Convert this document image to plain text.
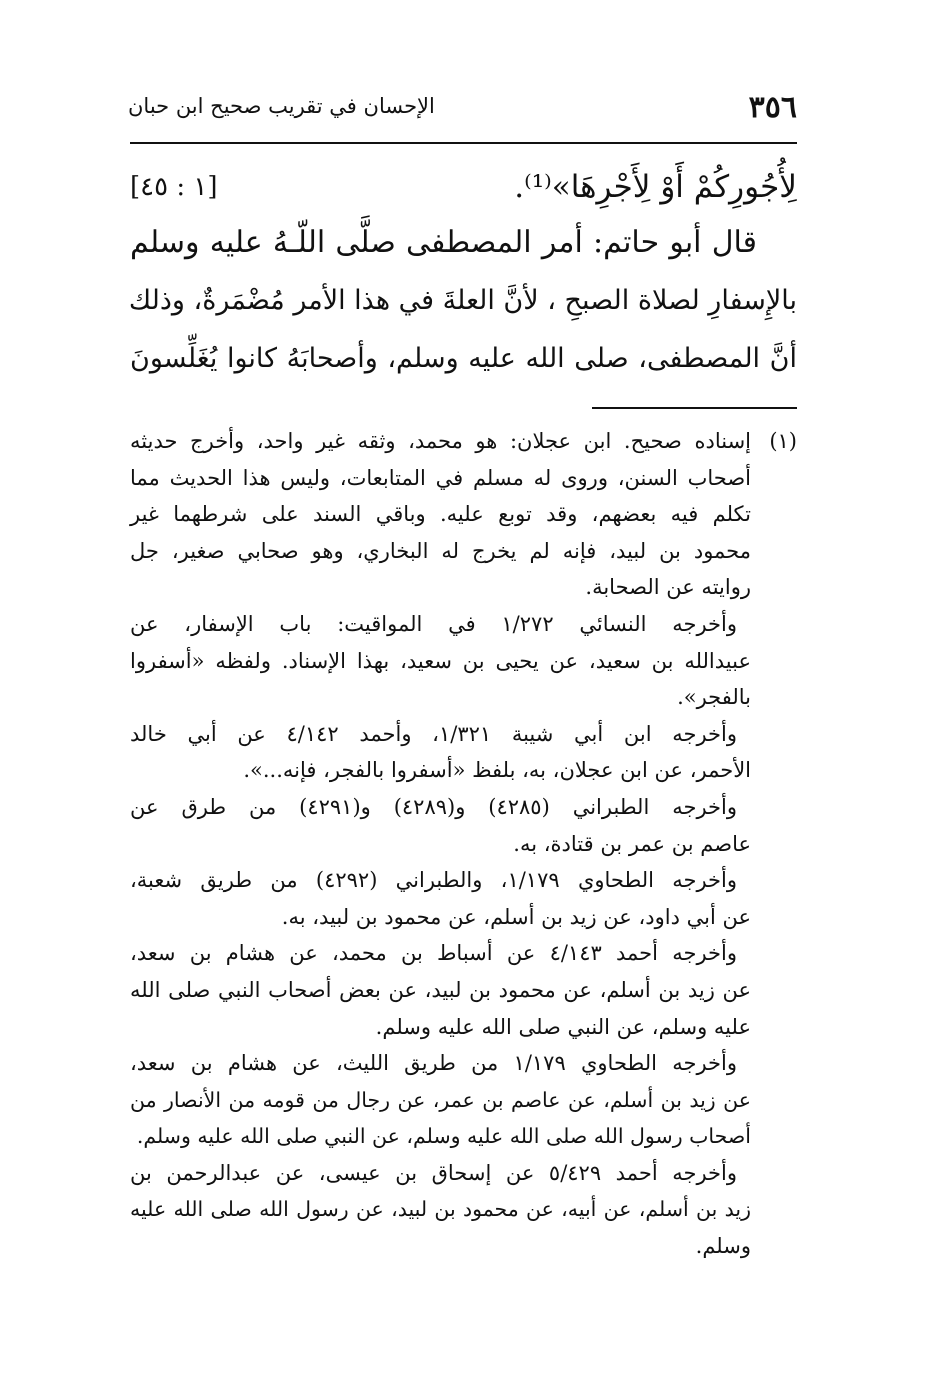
٣٥٦
الإحسان في تقريب صحيح ابن حبان
لِأُجُورِكُمْ أَوْ لِأَجْرِهَا»⁽¹⁾.
[١ : ٤٥]
قال أبو حاتم: أمر المصطفى صلَّى اللّـهُ عليه وسلم
بالإِسفارِ لصلاة الصبحِ ، لأنَّ العلةَ في هذا الأمر مُضْمَرةٌ، وذلك
أنَّ المصطفى، صلى الله عليه وسلم، وأصحابَهُ كانوا يُغَلِّسونَ
(١)
إسناده صحيح. ابن عجلان: هو محمد، وثقه غير واحد، وأخرج حديثه
أصحاب السنن، وروى له مسلم في المتابعات، وليس هذا الحديث مما
تكلم فيه بعضهم، وقد توبع عليه. وباقي السند على شرطهما غير
محمود بن لبيد، فإنه لم يخرج له البخاري، وهو صحابي صغير، جل
روايته عن الصحابة.
وأخرجه النسائي ١/٢٧٢ في المواقيت: باب الإسفار، عن
عبيدالله بن سعيد، عن يحيى بن سعيد، بهذا الإسناد. ولفظه «أسفروا
بالفجر».
وأخرجه ابن أبي شيبة ١/٣٢١، وأحمد ٤/١٤٢ عن أبي خالد
الأحمر، عن ابن عجلان، به، بلفظ «أسفروا بالفجر، فإنه...».
وأخرجه الطبراني (٤٢٨٥) و(٤٢٨٩) و(٤٢٩١) من طرق عن
عاصم بن عمر بن قتادة، به.
وأخرجه الطحاوي ١/١٧٩، والطبراني (٤٢٩٢) من طريق شعبة،
عن أبي داود، عن زيد بن أسلم، عن محمود بن لبيد، به.
وأخرجه أحمد ٤/١٤٣ عن أسباط بن محمد، عن هشام بن سعد،
عن زيد بن أسلم، عن محمود بن لبيد، عن بعض أصحاب النبي صلى الله
عليه وسلم، عن النبي صلى الله عليه وسلم.
وأخرجه الطحاوي ١/١٧٩ من طريق الليث، عن هشام بن سعد،
عن زيد بن أسلم، عن عاصم بن عمر، عن رجال من قومه من الأنصار من
أصحاب رسول الله صلى الله عليه وسلم، عن النبي صلى الله عليه وسلم.
وأخرجه أحمد ٥/٤٢٩ عن إسحاق بن عيسى، عن عبدالرحمن بن
زيد بن أسلم، عن أبيه، عن محمود بن لبيد، عن رسول الله صلى الله عليه
وسلم.
